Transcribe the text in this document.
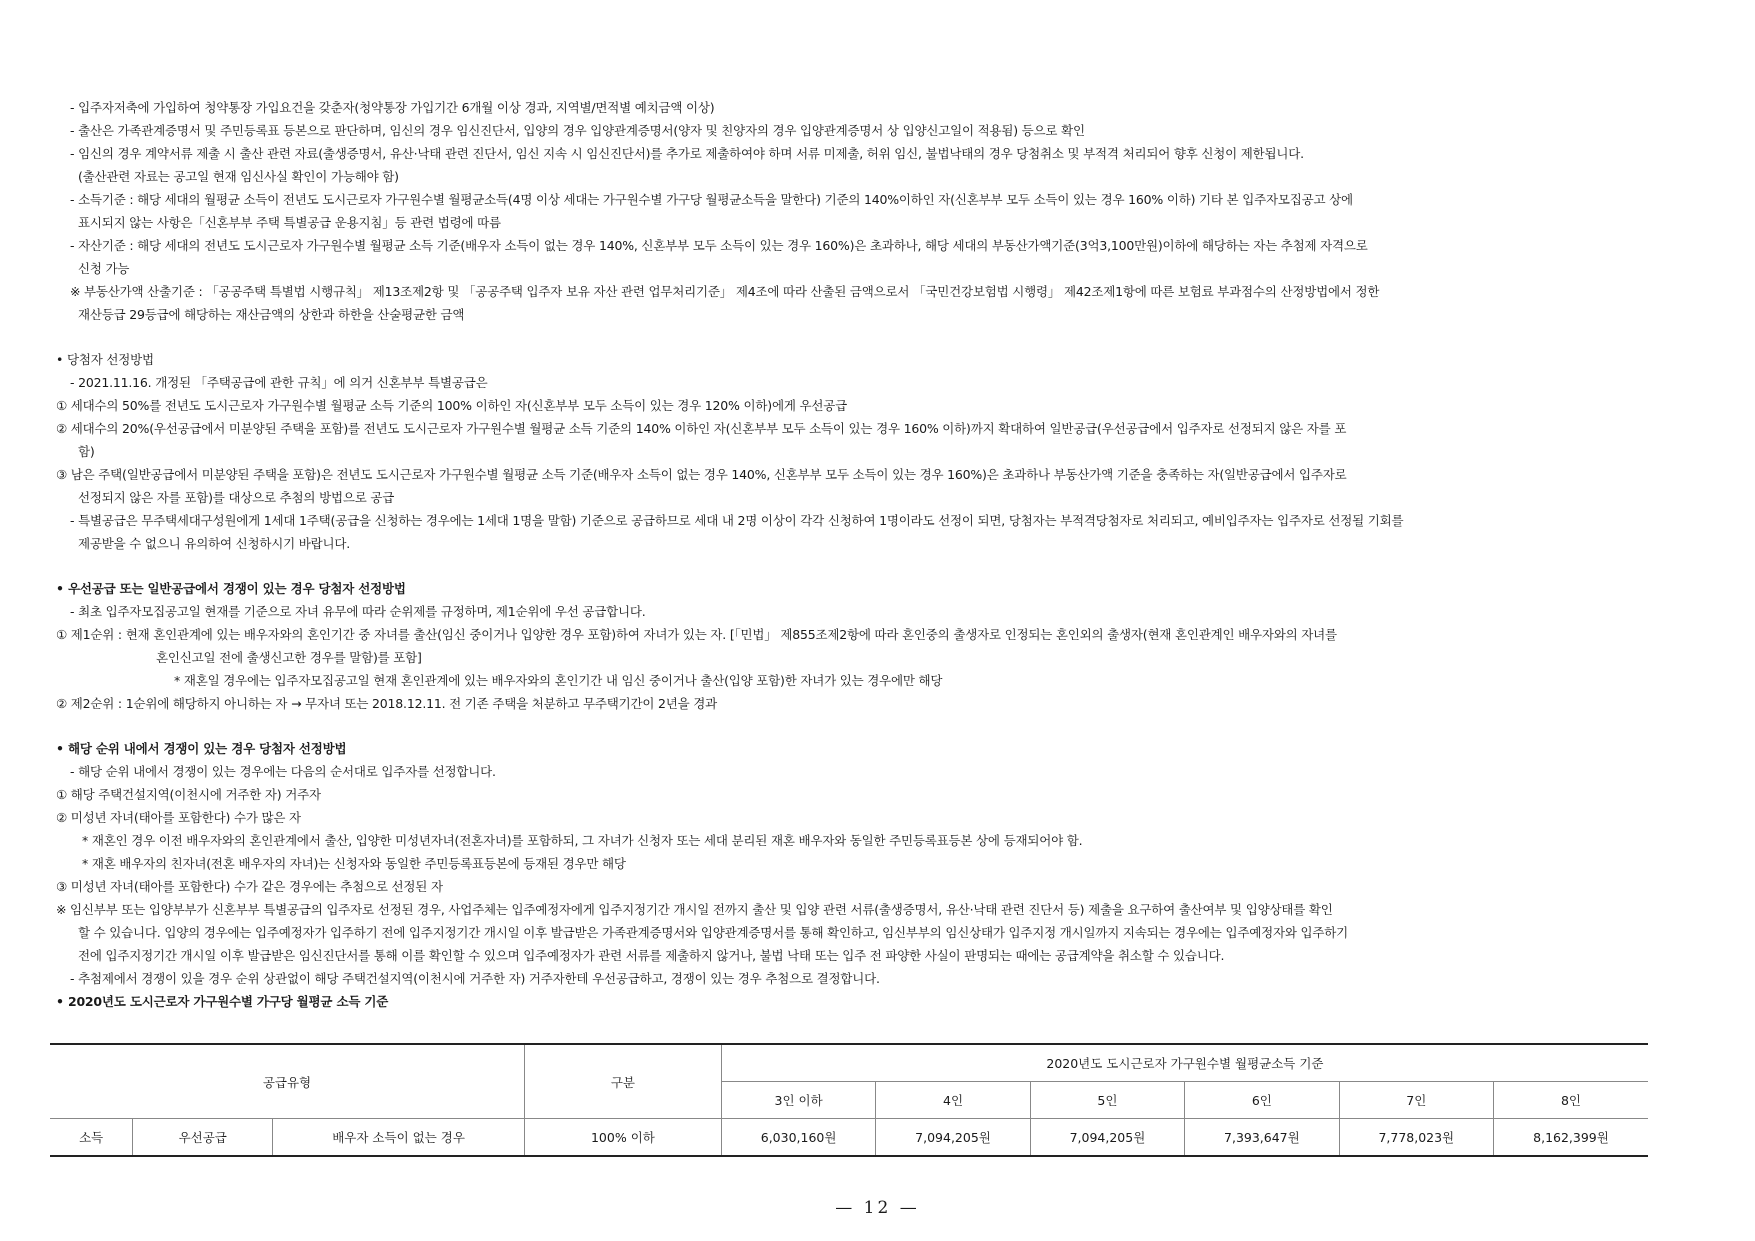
- 입주자저축에 가입하여 청약통장 가입요건을 갖춘자(청약통장 가입기간 6개월 이상 경과, 지역별/면적별 예치금액 이상)
- 출산은 가족관계증명서 및 주민등록표 등본으로 판단하며, 임신의 경우 임신진단서, 입양의 경우 입양관계증명서(양자 및 친양자의 경우 입양관계증명서 상 입양신고일이 적용됨) 등으로 확인
- 임신의 경우 계약서류 제출 시 출산 관련 자료(출생증명서, 유산·낙태 관련 진단서, 임신 지속 시 임신진단서)를 추가로 제출하여야 하며 서류 미제출, 허위 임신, 불법낙태의 경우 당첨취소 및 부적격 처리되어 향후 신청이 제한됩니다.
(출산관련 자료는 공고일 현재 임신사실 확인이 가능해야 함)
- 소득기준 : 해당 세대의 월평균 소득이 전년도 도시근로자 가구원수별 월평균소득(4명 이상 세대는 가구원수별 가구당 월평균소득을 말한다) 기준의 140%이하인 자(신혼부부 모두 소득이 있는 경우 160% 이하) 기타 본 입주자모집공고 상에
표시되지 않는 사항은「신혼부부 주택 특별공급 운용지침」등 관련 법령에 따름
- 자산기준 : 해당 세대의 전년도 도시근로자 가구원수별 월평균 소득 기준(배우자 소득이 없는 경우 140%, 신혼부부 모두 소득이 있는 경우 160%)은 초과하나, 해당 세대의 부동산가액기준(3억3,100만원)이하에 해당하는 자는 추첨제 자격으로
신청 가능
※ 부동산가액 산출기준 : 「공공주택 특별법 시행규칙」 제13조제2항 및 「공공주택 입주자 보유 자산 관련 업무처리기준」 제4조에 따라 산출된 금액으로서 「국민건강보험법 시행령」 제42조제1항에 따른 보험료 부과점수의 산정방법에서 정한
재산등급 29등급에 해당하는 재산금액의 상한과 하한을 산술평균한 금액
• 당첨자 선정방법
- 2021.11.16. 개정된 「주택공급에 관한 규칙」에 의거 신혼부부 특별공급은
① 세대수의 50%를 전년도 도시근로자 가구원수별 월평균 소득 기준의 100% 이하인 자(신혼부부 모두 소득이 있는 경우 120% 이하)에게 우선공급
② 세대수의 20%(우선공급에서 미분양된 주택을 포함)를 전년도 도시근로자 가구원수별 월평균 소득 기준의 140% 이하인 자(신혼부부 모두 소득이 있는 경우 160% 이하)까지 확대하여 일반공급(우선공급에서 입주자로 선정되지 않은 자를 포
함)
③ 남은 주택(일반공급에서 미분양된 주택을 포함)은 전년도 도시근로자 가구원수별 월평균 소득 기준(배우자 소득이 없는 경우 140%, 신혼부부 모두 소득이 있는 경우 160%)은 초과하나 부동산가액 기준을 충족하는 자(일반공급에서 입주자로
선정되지 않은 자를 포함)를 대상으로 추첨의 방법으로 공급
- 특별공급은 무주택세대구성원에게 1세대 1주택(공급을 신청하는 경우에는 1세대 1명을 말함) 기준으로 공급하므로 세대 내 2명 이상이 각각 신청하여 1명이라도 선정이 되면, 당첨자는 부적격당첨자로 처리되고, 예비입주자는 입주자로 선정될 기회를
제공받을 수 없으니 유의하여 신청하시기 바랍니다.
• 우선공급 또는 일반공급에서 경쟁이 있는 경우 당첨자 선정방법
- 최초 입주자모집공고일 현재를 기준으로 자녀 유무에 따라 순위제를 규정하며, 제1순위에 우선 공급합니다.
① 제1순위 : 현재 혼인관계에 있는 배우자와의 혼인기간 중 자녀를 출산(임신 중이거나 입양한 경우 포함)하여 자녀가 있는 자. [「민법」 제855조제2항에 따라 혼인중의 출생자로 인정되는 혼인외의 출생자(현재 혼인관계인 배우자와의 자녀를
혼인신고일 전에 출생신고한 경우를 말함)를 포함]
* 재혼일 경우에는 입주자모집공고일 현재 혼인관계에 있는 배우자와의 혼인기간 내 임신 중이거나 출산(입양 포함)한 자녀가 있는 경우에만 해당
② 제2순위 : 1순위에 해당하지 아니하는 자 → 무자녀 또는 2018.12.11. 전 기존 주택을 처분하고 무주택기간이 2년을 경과
• 해당 순위 내에서 경쟁이 있는 경우 당첨자 선정방법
- 해당 순위 내에서 경쟁이 있는 경우에는 다음의 순서대로 입주자를 선정합니다.
① 해당 주택건설지역(이천시에 거주한 자) 거주자
② 미성년 자녀(태아를 포함한다) 수가 많은 자
* 재혼인 경우 이전 배우자와의 혼인관계에서 출산, 입양한 미성년자녀(전혼자녀)를 포함하되, 그 자녀가 신청자 또는 세대 분리된 재혼 배우자와 동일한 주민등록표등본 상에 등재되어야 함.
* 재혼 배우자의 친자녀(전혼 배우자의 자녀)는 신청자와 동일한 주민등록표등본에 등재된 경우만 해당
③ 미성년 자녀(태아를 포함한다) 수가 같은 경우에는 추첨으로 선정된 자
※ 임신부부 또는 입양부부가 신혼부부 특별공급의 입주자로 선정된 경우, 사업주체는 입주예정자에게 입주지정기간 개시일 전까지 출산 및 입양 관련 서류(출생증명서, 유산·낙태 관련 진단서 등) 제출을 요구하여 출산여부 및 입양상태를 확인
할 수 있습니다. 입양의 경우에는 입주예정자가 입주하기 전에 입주지정기간 개시일 이후 발급받은 가족관계증명서와 입양관계증명서를 통해 확인하고, 임신부부의 임신상태가 입주지정 개시일까지 지속되는 경우에는 입주예정자와 입주하기
전에 입주지정기간 개시일 이후 발급받은 임신진단서를 통해 이를 확인할 수 있으며 입주예정자가 관련 서류를 제출하지 않거나, 불법 낙태 또는 입주 전 파양한 사실이 판명되는 때에는 공급계약을 취소할 수 있습니다.
- 추첨제에서 경쟁이 있을 경우 순위 상관없이 해당 주택건설지역(이천시에 거주한 자) 거주자한테 우선공급하고, 경쟁이 있는 경우 추첨으로 결정합니다.
• 2020년도 도시근로자 가구원수별 가구당 월평균 소득 기준
공급유형			구분	2020년도 도시근로자 가구원수별 월평균소득 기준					
				3인 이하	4인	5인	6인	7인	8인
소득	우선공급	배우자 소득이 없는 경우	100% 이하	6,030,160원	7,094,205원	7,094,205원	7,393,647원	7,778,023원	8,162,399원
— 12 —
